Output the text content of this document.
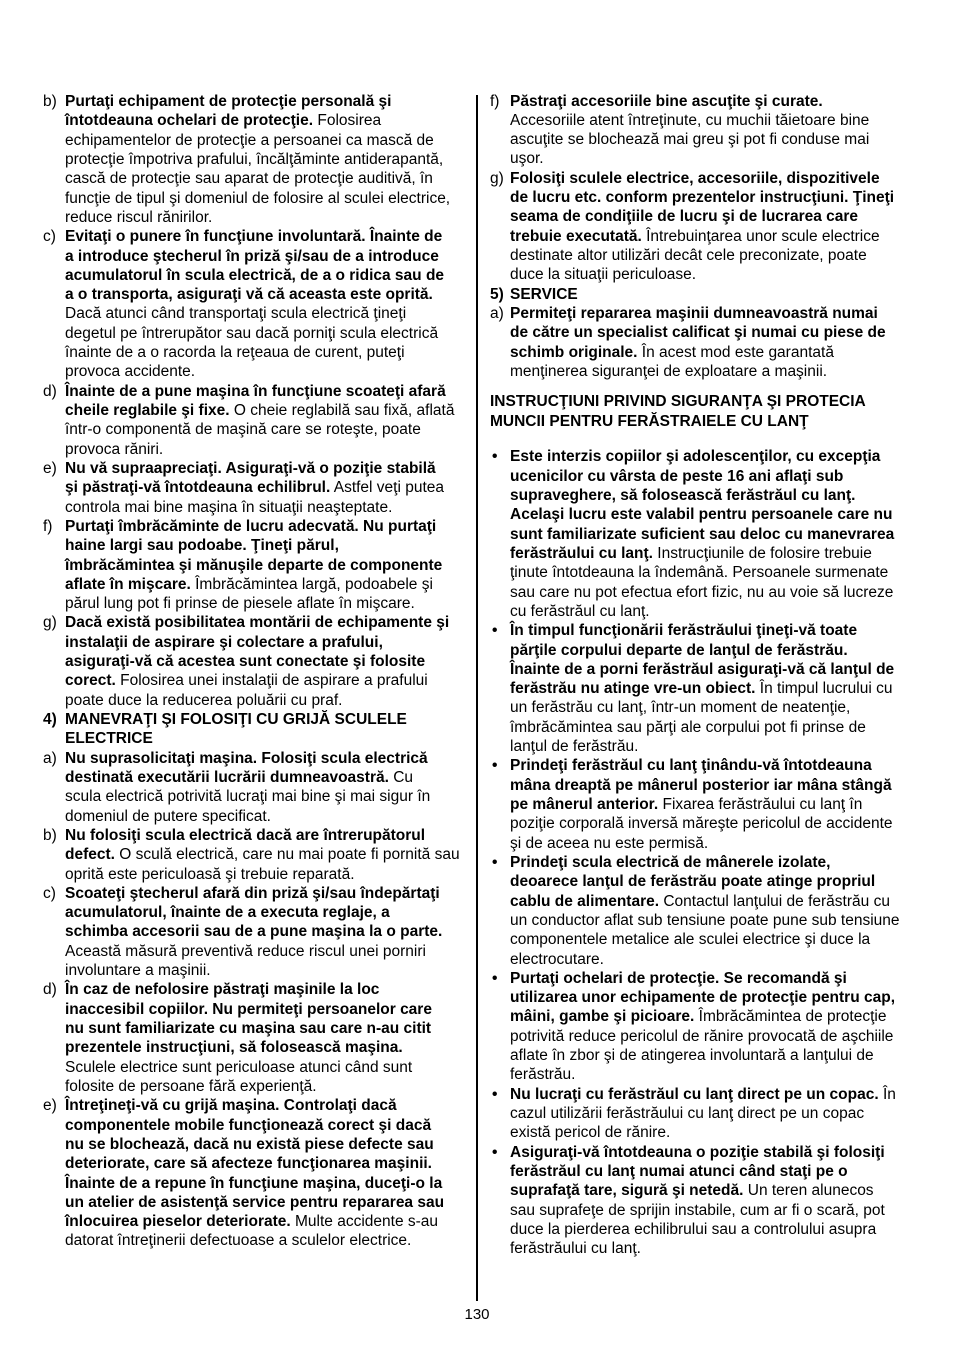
b) Purtaţi echipament de protecţie personală şi
întotdeauna ochelari de protecţie. Folosirea
echipamentelor de protecţie a persoanei ca mască de
protecţie împotriva prafului, încălţăminte antiderapantă,
cască de protecţie sau aparat de protecţie auditivă, în
funcţie de tipul şi domeniul de folosire al sculei electrice,
reduce riscul rănirilor.
c) Evitaţi o punere în funcţiune involuntară. Înainte de
a introduce ştecherul în priză şi/sau de a introduce
acumulatorul în scula electrică, de a o ridica sau de
a o transporta, asiguraţi vă că aceasta este oprită.
Dacă atunci când transportaţi scula electrică ţineţi
degetul pe întrerupător sau dacă porniţi scula electrică
înainte de a o racorda la reţeaua de curent, puteţi
provoca accidente.
d) Înainte de a pune maşina în funcţiune scoateţi afară
cheile reglabile şi fixe. O cheie reglabilă sau fixă, aflată
într-o componentă de maşină care se roteşte, poate
provoca răniri.
e) Nu vă supraapreciaţi. Asiguraţi-vă o poziţie stabilă
şi păstraţi-vă întotdeauna echilibrul. Astfel veţi putea
controla mai bine maşina în situaţii neaşteptate.
f) Purtaţi îmbrăcăminte de lucru adecvată. Nu purtaţi
haine largi sau podoabe. Ţineţi părul,
îmbrăcămintea şi mănuşile departe de componente
aflate în mişcare. Îmbrăcămintea largă, podoabele şi
părul lung pot fi prinse de piesele aflate în mişcare.
g) Dacă există posibilitatea montării de echipamente şi
instalaţii de aspirare şi colectare a prafului,
asiguraţi-vă că acestea sunt conectate şi folosite
corect. Folosirea unei instalaţii de aspirare a prafului
poate duce la reducerea poluării cu praf.
4) MANEVRAŢI ŞI FOLOSIŢI CU GRIJĂ SCULELE
ELECTRICE
a) Nu suprasolicitaţi maşina. Folosiţi scula electrică
destinată executării lucrării dumneavoastră. Cu
scula electrică potrivită lucraţi mai bine şi mai sigur în
domeniul de putere specificat.
b) Nu folosiţi scula electrică dacă are întrerupătorul
defect. O sculă electrică, care nu mai poate fi pornită sau
oprită este periculoasă şi trebuie reparată.
c) Scoateţi ştecherul afară din priză şi/sau îndepărtaţi
acumulatorul, înainte de a executa reglaje, a
schimba accesorii sau de a pune maşina la o parte.
Această măsură preventivă reduce riscul unei porniri
involuntare a maşinii.
d) În caz de nefolosire păstraţi maşinile la loc
inaccesibil copiilor. Nu permiteţi persoanelor care
nu sunt familiarizate cu maşina sau care n-au citit
prezentele instrucţiuni, să folosească maşina.
Sculele electrice sunt periculoase atunci când sunt
folosite de persoane fără experienţă.
e) Întreţineţi-vă cu grijă maşina. Controlaţi dacă
componentele mobile funcţionează corect şi dacă
nu se blochează, dacă nu există piese defecte sau
deteriorate, care să afecteze funcţionarea maşinii.
Înainte de a repune în funcţiune maşina, duceţi-o la
un atelier de asistenţă service pentru repararea sau
înlocuirea pieselor deteriorate. Multe accidente s-au
datorat întreţinerii defectuoase a sculelor electrice.
f) Păstraţi accesoriile bine ascuţite şi curate.
Accesoriile atent întreţinute, cu muchii tăietoare bine
ascuţite se blochează mai greu şi pot fi conduse mai
uşor.
g) Folosiţi sculele electrice, accesoriile, dispozitivele
de lucru etc. conform prezentelor instrucţiuni. Ţineţi
seama de condiţiile de lucru şi de lucrarea care
trebuie executată. Întrebuinţarea unor scule electrice
destinate altor utilizări decât cele preconizate, poate
duce la situaţii periculoase.
5) SERVICE
a) Permiteţi repararea maşinii dumneavoastră numai
de către un specialist calificat şi numai cu piese de
schimb originale. În acest mod este garantată
menţinerea siguranţei de exploatare a maşinii.
INSTRUCŢIUNI PRIVIND SIGURANŢA ŞI PROTECIA
MUNCII PENTRU FERĂSTRAIELE CU LANŢ
• Este interzis copiilor şi adolescenţilor, cu excepţia
ucenicilor cu vârsta de peste 16 ani aflaţi sub
supraveghere, să folosească ferăstrăul cu lanţ.
Acelaşi lucru este valabil pentru persoanele care nu
sunt familiarizate suficient sau deloc cu manevrarea
ferăstrăului cu lanţ. Instrucţiunile de folosire trebuie
ţinute întotdeauna la îndemână. Persoanele surmenate
sau care nu pot efectua efort fizic, nu au voie să lucreze
cu ferăstrăul cu lanţ.
• În timpul funcţionării ferăstrăului ţineţi-vă toate
părţile corpului departe de lanţul de ferăstrău.
Înainte de a porni ferăstrăul asiguraţi-vă că lanţul de
ferăstrău nu atinge vre-un obiect. În timpul lucrului cu
un ferăstrău cu lanţ, într-un moment de neatenţie,
îmbrăcămintea sau părţi ale corpului pot fi prinse de
lanţul de ferăstrău.
• Prindeţi ferăstrăul cu lanţ ţinându-vă întotdeauna
mâna dreaptă pe mânerul posterior iar mâna stângă
pe mânerul anterior. Fixarea ferăstrăului cu lanţ în
poziţie corporală inversă măreşte pericolul de accidente
şi de aceea nu este permisă.
• Prindeţi scula electrică de mânerele izolate,
deoarece lanţul de ferăstrău poate atinge propriul
cablu de alimentare. Contactul lanţului de ferăstrău cu
un conductor aflat sub tensiune poate pune sub tensiune
componentele metalice ale sculei electrice şi duce la
electrocutare.
• Purtaţi ochelari de protecţie. Se recomandă şi
utilizarea unor echipamente de protecţie pentru cap,
mâini, gambe şi picioare. Îmbrăcămintea de protecţie
potrivită reduce pericolul de rănire provocată de aşchiile
aflate în zbor şi de atingerea involuntară a lanţului de
ferăstrău.
• Nu lucraţi cu ferăstrăul cu lanţ direct pe un copac. În
cazul utilizării ferăstrăului cu lanţ direct pe un copac
există pericol de rănire.
• Asiguraţi-vă întotdeauna o poziţie stabilă şi folosiţi
ferăstrăul cu lanţ numai atunci când staţi pe o
suprafaţă tare, sigură şi netedă. Un teren alunecos
sau suprafeţe de sprijin instabile, cum ar fi o scară, pot
duce la pierderea echilibrului sau a controlului asupra
ferăstrăului cu lanţ.
130
